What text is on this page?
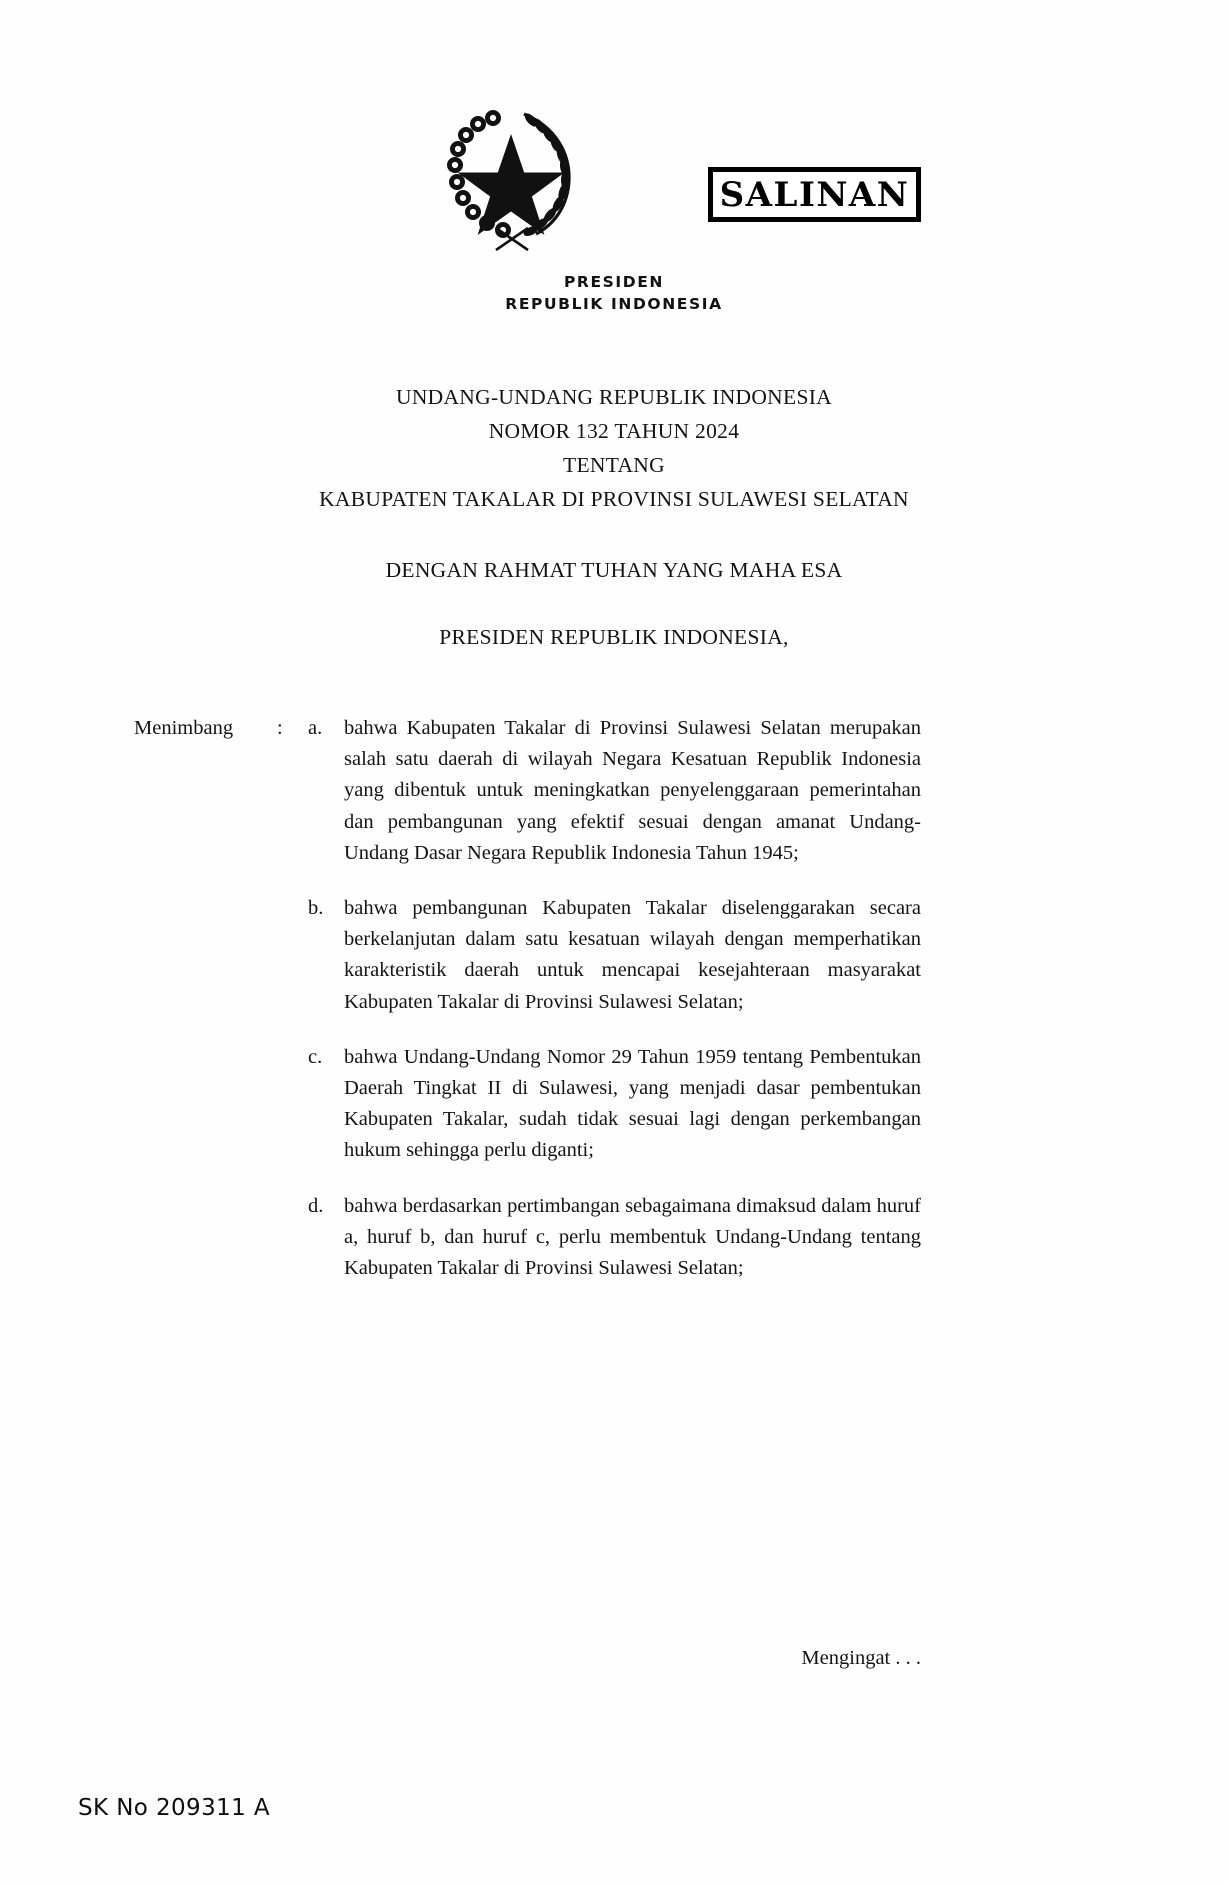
SALINAN
PRESIDEN
REPUBLIK INDONESIA
UNDANG-UNDANG REPUBLIK INDONESIA
NOMOR 132 TAHUN 2024
TENTANG
KABUPATEN TAKALAR DI PROVINSI SULAWESI SELATAN
DENGAN RAHMAT TUHAN YANG MAHA ESA
PRESIDEN REPUBLIK INDONESIA,
Menimbang	: a.	bahwa Kabupaten Takalar di Provinsi Sulawesi Selatan merupakan salah satu daerah di wilayah Negara Kesatuan Republik Indonesia yang dibentuk untuk meningkatkan penyelenggaraan pemerintahan dan pembangunan yang efektif sesuai dengan amanat Undang-Undang Dasar Negara Republik Indonesia Tahun 1945;
b.	bahwa pembangunan Kabupaten Takalar diselenggarakan secara berkelanjutan dalam satu kesatuan wilayah dengan memperhatikan karakteristik daerah untuk mencapai kesejahteraan masyarakat Kabupaten Takalar di Provinsi Sulawesi Selatan;
c.	bahwa Undang-Undang Nomor 29 Tahun 1959 tentang Pembentukan Daerah Tingkat II di Sulawesi, yang menjadi dasar pembentukan Kabupaten Takalar, sudah tidak sesuai lagi dengan perkembangan hukum sehingga perlu diganti;
d.	bahwa berdasarkan pertimbangan sebagaimana dimaksud dalam huruf a, huruf b, dan huruf c, perlu membentuk Undang-Undang tentang Kabupaten Takalar di Provinsi Sulawesi Selatan;
Mengingat . . .
SK No 209311 A
